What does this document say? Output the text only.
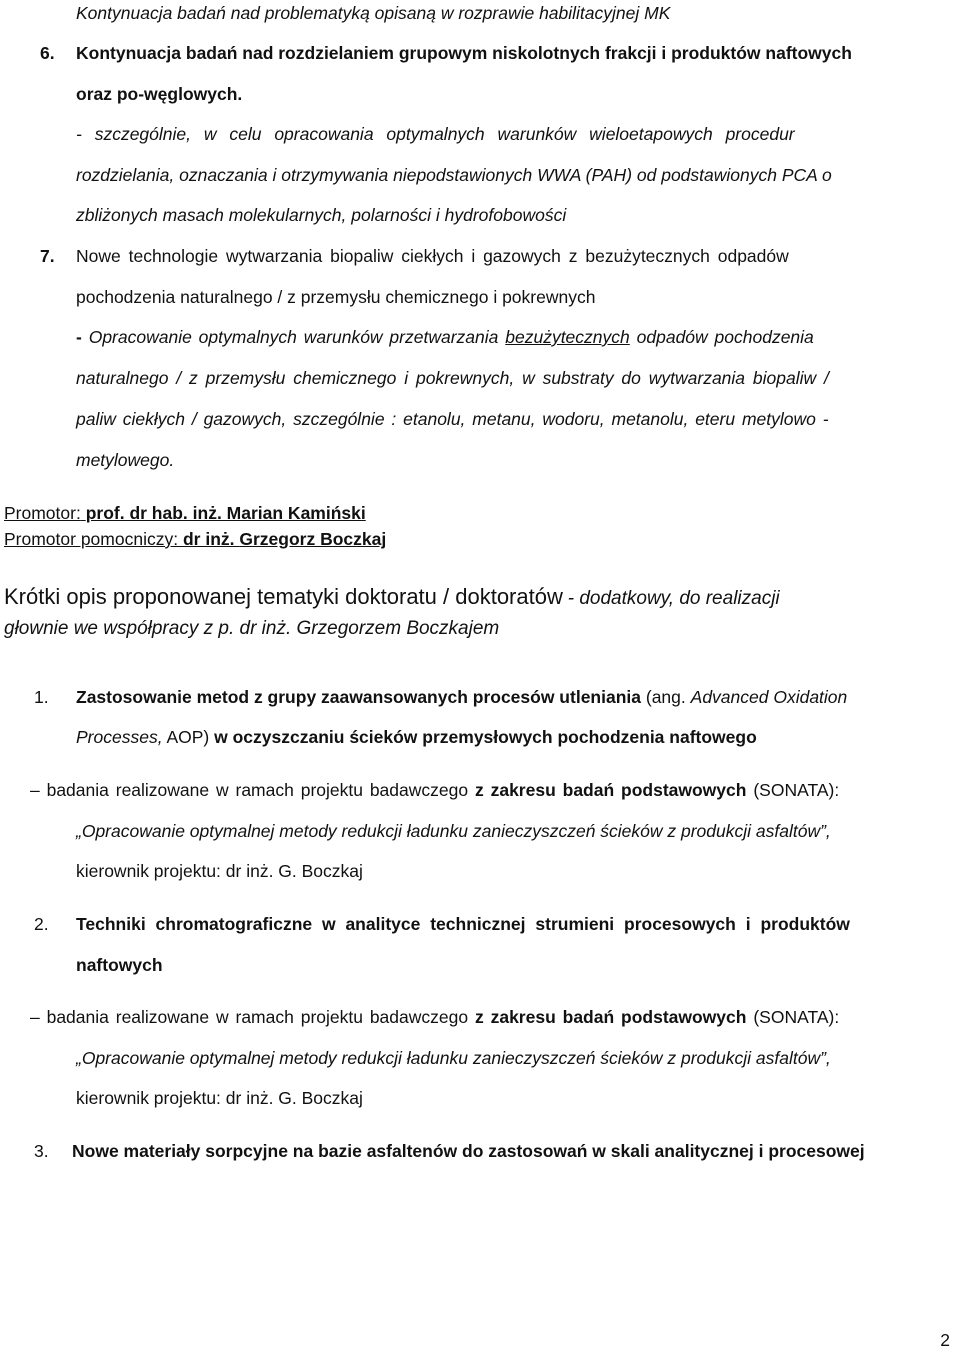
Kontynuacja badań nad problematyką opisaną w rozprawie habilitacyjnej MK
6. Kontynuacja badań nad rozdzielaniem grupowym niskolotnych frakcji i produktów naftowych
oraz po-węglowych.
- szczególnie, w celu opracowania optymalnych warunków wieloetapowych procedur
rozdzielania, oznaczania i otrzymywania niepodstawionych WWA (PAH) od podstawionych PCA o
zbliżonych masach molekularnych, polarności i hydrofobowości
7. Nowe technologie wytwarzania biopaliw ciekłych i gazowych z bezużytecznych odpadów
pochodzenia naturalnego / z przemysłu chemicznego i pokrewnych
- Opracowanie optymalnych warunków przetwarzania bezużytecznych odpadów pochodzenia
naturalnego / z przemysłu chemicznego i pokrewnych, w substraty do wytwarzania biopaliw /
paliw ciekłych / gazowych, szczególnie : etanolu, metanu, wodoru, metanolu, eteru metylowo -
metylowego.
Promotor: prof. dr hab. inż. Marian Kamiński
Promotor pomocniczy: dr inż. Grzegorz Boczkaj
Krótki opis proponowanej tematyki doktoratu / doktoratów - dodatkowy, do realizacji
głownie we współpracy z p. dr inż. Grzegorzem Boczkajem
1. Zastosowanie metod z grupy zaawansowanych procesów utleniania (ang. Advanced Oxidation
Processes, AOP) w oczyszczaniu ścieków przemysłowych pochodzenia naftowego
– badania realizowane w ramach projektu badawczego z zakresu badań podstawowych (SONATA):
„Opracowanie optymalnej metody redukcji ładunku zanieczyszczeń ścieków z produkcji asfaltów”,
kierownik projektu: dr inż. G. Boczkaj
2. Techniki chromatograficzne w analityce technicznej strumieni procesowych i produktów
naftowych
– badania realizowane w ramach projektu badawczego z zakresu badań podstawowych (SONATA):
„Opracowanie optymalnej metody redukcji ładunku zanieczyszczeń ścieków z produkcji asfaltów”,
kierownik projektu: dr inż. G. Boczkaj
3. Nowe materiały sorpcyjne na bazie asfaltenów do zastosowań w skali analitycznej i procesowej
2
